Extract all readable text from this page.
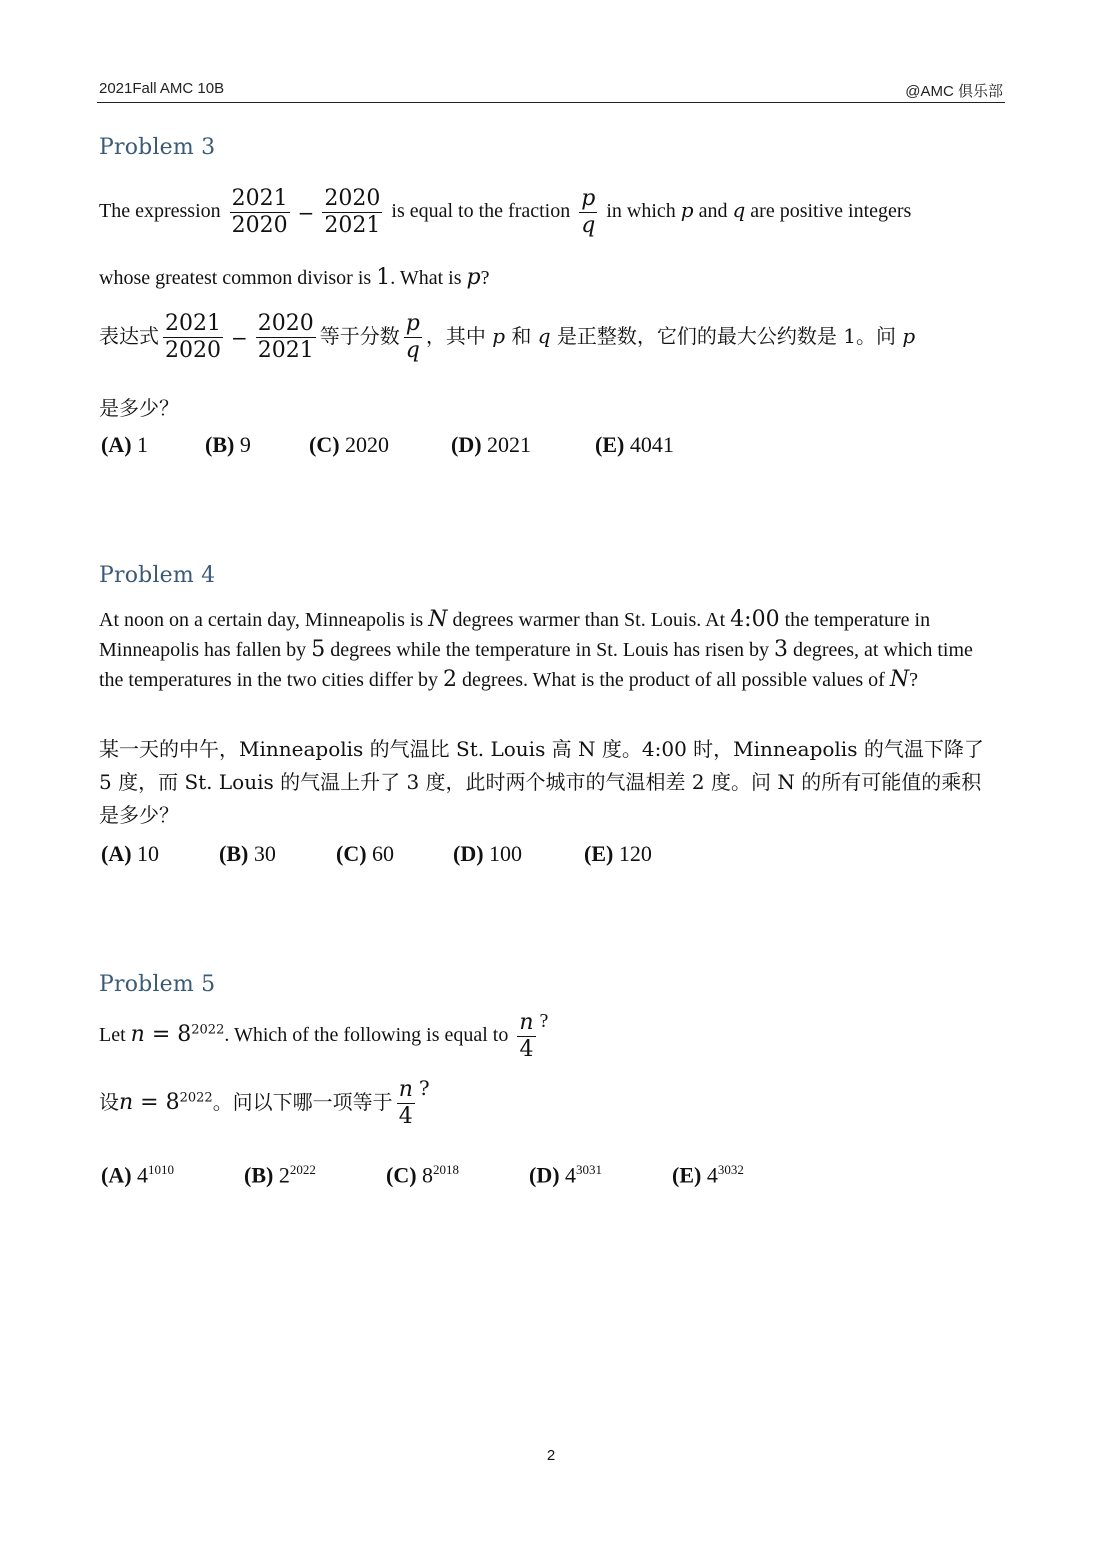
2021Fall AMC 10B	@AMC 俱乐部
Problem 3
The expression $\frac{2021}{2020} - \frac{2020}{2021}$ is equal to the fraction $\frac{p}{q}$ in which p and q are positive integers
whose greatest common divisor is 1. What is p?
表达式 $\frac{2021}{2020} - \frac{2020}{2021}$ 等于分数 $\frac{p}{q}$ ，其中 p 和 q 是正整数，它们的最大公约数是 1。问 p
是多少？
(A) 1	(B) 9	(C) 2020	(D) 2021	(E) 4041
Problem 4
At noon on a certain day, Minneapolis is N degrees warmer than St. Louis. At 4:00 the temperature in Minneapolis has fallen by 5 degrees while the temperature in St. Louis has risen by 3 degrees, at which time the temperatures in the two cities differ by 2 degrees. What is the product of all possible values of N?
某一天的中午，Minneapolis 的气温比 St. Louis 高 N 度。4:00 时，Minneapolis 的气温下降了 5 度，而 St. Louis 的气温上升了 3 度，此时两个城市的气温相差 2 度。问 N 的所有可能值的乘积是多少？
(A) 10	(B) 30	(C) 60	(D) 100	(E) 120
Problem 5
Let $n = 8^{2022}$. Which of the following is equal to $\frac{n}{4}$ ?
设$n = 8^{2022}$。问以下哪一项等于 $\frac{n}{4}$ ?
(A) $4^{1010}$	(B) $2^{2022}$	(C) $8^{2018}$	(D) $4^{3031}$	(E) $4^{3032}$
2
